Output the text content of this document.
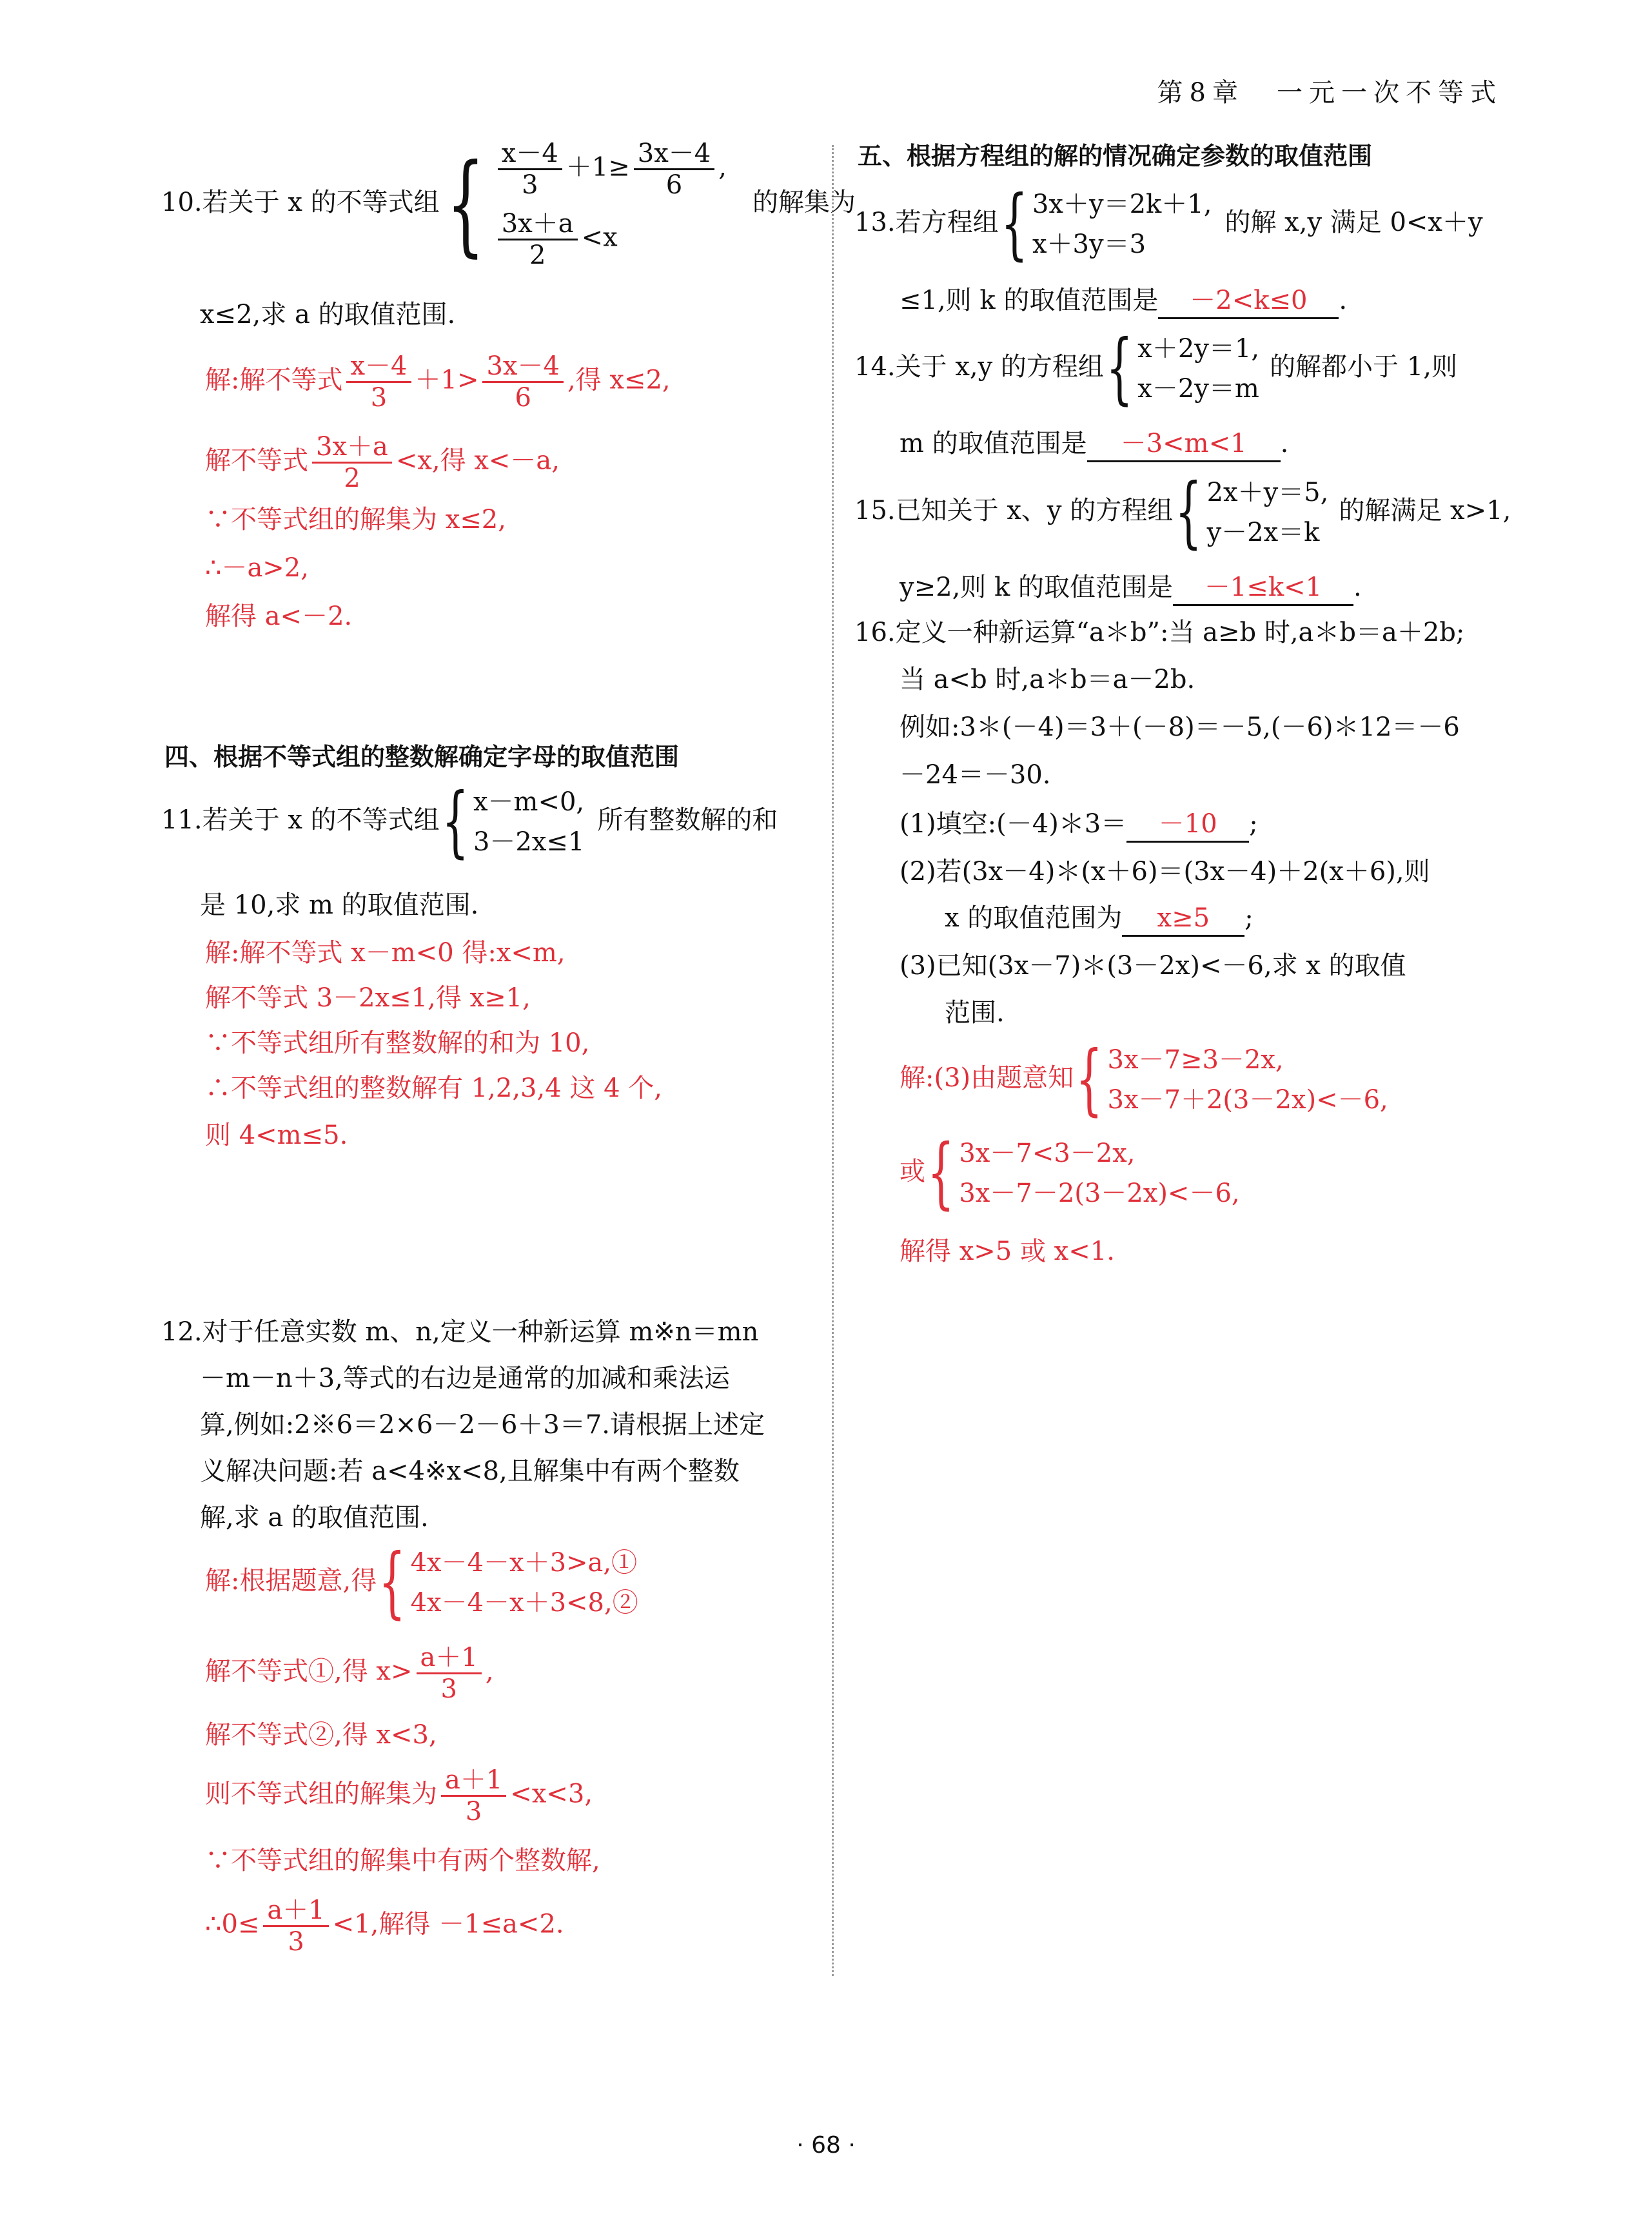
第8章　一元一次不等式
10.若关于 x 的不等式组 { $\frac{x-4}{3} +1\ge \frac{3x-4}{6}$ ,
$\frac{3x+a}{2} <x$
的解集为
x≤2,求 a 的取值范围.
解:解不等式 $\frac{x-4}{3} +1> \frac{3x-4}{6}$ ,得 x≤2,
解不等式 $\frac{3x+a}{2} <x$,得 x<－a,
∵不等式组的解集为 x≤2,
∴－a>2,
解得 a<－2.
四、根据不等式组的整数解确定字母的取值范围
11.若关于 x 的不等式组 { x－m<0,
3－2x≤1
所有整数解的和
是 10,求 m 的取值范围.
解:解不等式 x－m<0 得:x<m,
解不等式 3－2x≤1,得 x≥1,
∵不等式组所有整数解的和为 10,
∴不等式组的整数解有 1,2,3,4 这 4 个,
则 4<m≤5.
12.对于任意实数 m、n,定义一种新运算 m※n＝mn
－m－n＋3,等式的右边是通常的加减和乘法运
算,例如:2※6＝2×6－2－6＋3＝7.请根据上述定
义解决问题:若 a<4※x<8,且解集中有两个整数
解,求 a 的取值范围.
解:根据题意,得 { 4x－4－x＋3>a,①
4x－4－x＋3<8,②
解不等式①,得 $x> \frac{a+1}{3}$ ,
解不等式②,得 x<3,
则不等式组的解集为 $\frac{a+1}{3} <x<3$,
∵不等式组的解集中有两个整数解,
∴0≤ $\frac{a+1}{3} <1$,解得 －1≤a<2.
五、根据方程组的解的情况确定参数的取值范围
13.若方程组 { 3x＋y＝2k＋1,
x＋3y＝3
的解 x,y 满足 0<x＋y
≤1,则 k 的取值范围是 －2<k≤0 .
14.关于 x,y 的方程组 { x＋2y＝1,
x－2y＝m
的解都小于 1,则
m 的取值范围是 －3<m<1 .
15.已知关于 x、y 的方程组 { 2x＋y＝5,
y－2x＝k
的解满足 x>1,
y≥2,则 k 的取值范围是 －1≤k<1 .
16.定义一种新运算“a＊b”:当 a≥b 时,a＊b＝a＋2b;
当 a<b 时,a＊b＝a－2b.
例如:3＊(－4)＝3＋(－8)＝－5,(－6)＊12＝－6
－24＝－30.
(1)填空:(－4)＊3＝ －10 ;
(2)若(3x－4)＊(x＋6)＝(3x－4)＋2(x＋6),则
x 的取值范围为 x≥5 ;
(3)已知(3x－7)＊(3－2x)<－6,求 x 的取值
范围.
解:(3)由题意知 { 3x－7≥3－2x,
3x－7＋2(3－2x)<－6,
或 { 3x－7<3－2x,
3x－7－2(3－2x)<－6,
解得 x>5 或 x<1.
· 68 ·
